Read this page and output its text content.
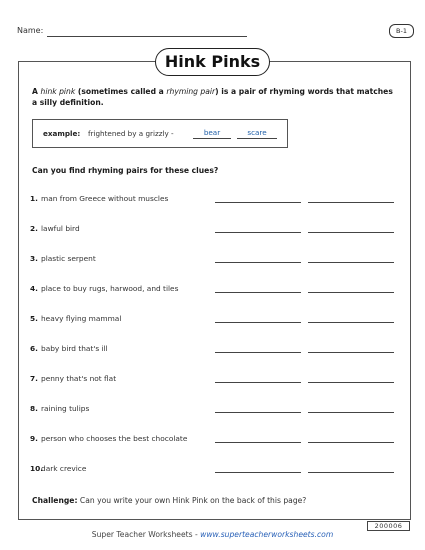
Name:	B-1
Hink Pinks
A hink pink (sometimes called a rhyming pair) is a pair of rhyming words that matches a silly definition.
example: frightened by a grizzly -	bear	scare
Can you find rhyming pairs for these clues?
1. man from Greece without muscles
2. lawful bird
3. plastic serpent
4. place to buy rugs, harwood, and tiles
5. heavy flying mammal
6. baby bird that's ill
7. penny that's not flat
8. raining tulips
9. person who chooses the best chocolate
10.
dark crevice
Challenge: Can you write your own Hink Pink on the back of this page?
200006
Super Teacher Worksheets - www.superteacherworksheets.com
